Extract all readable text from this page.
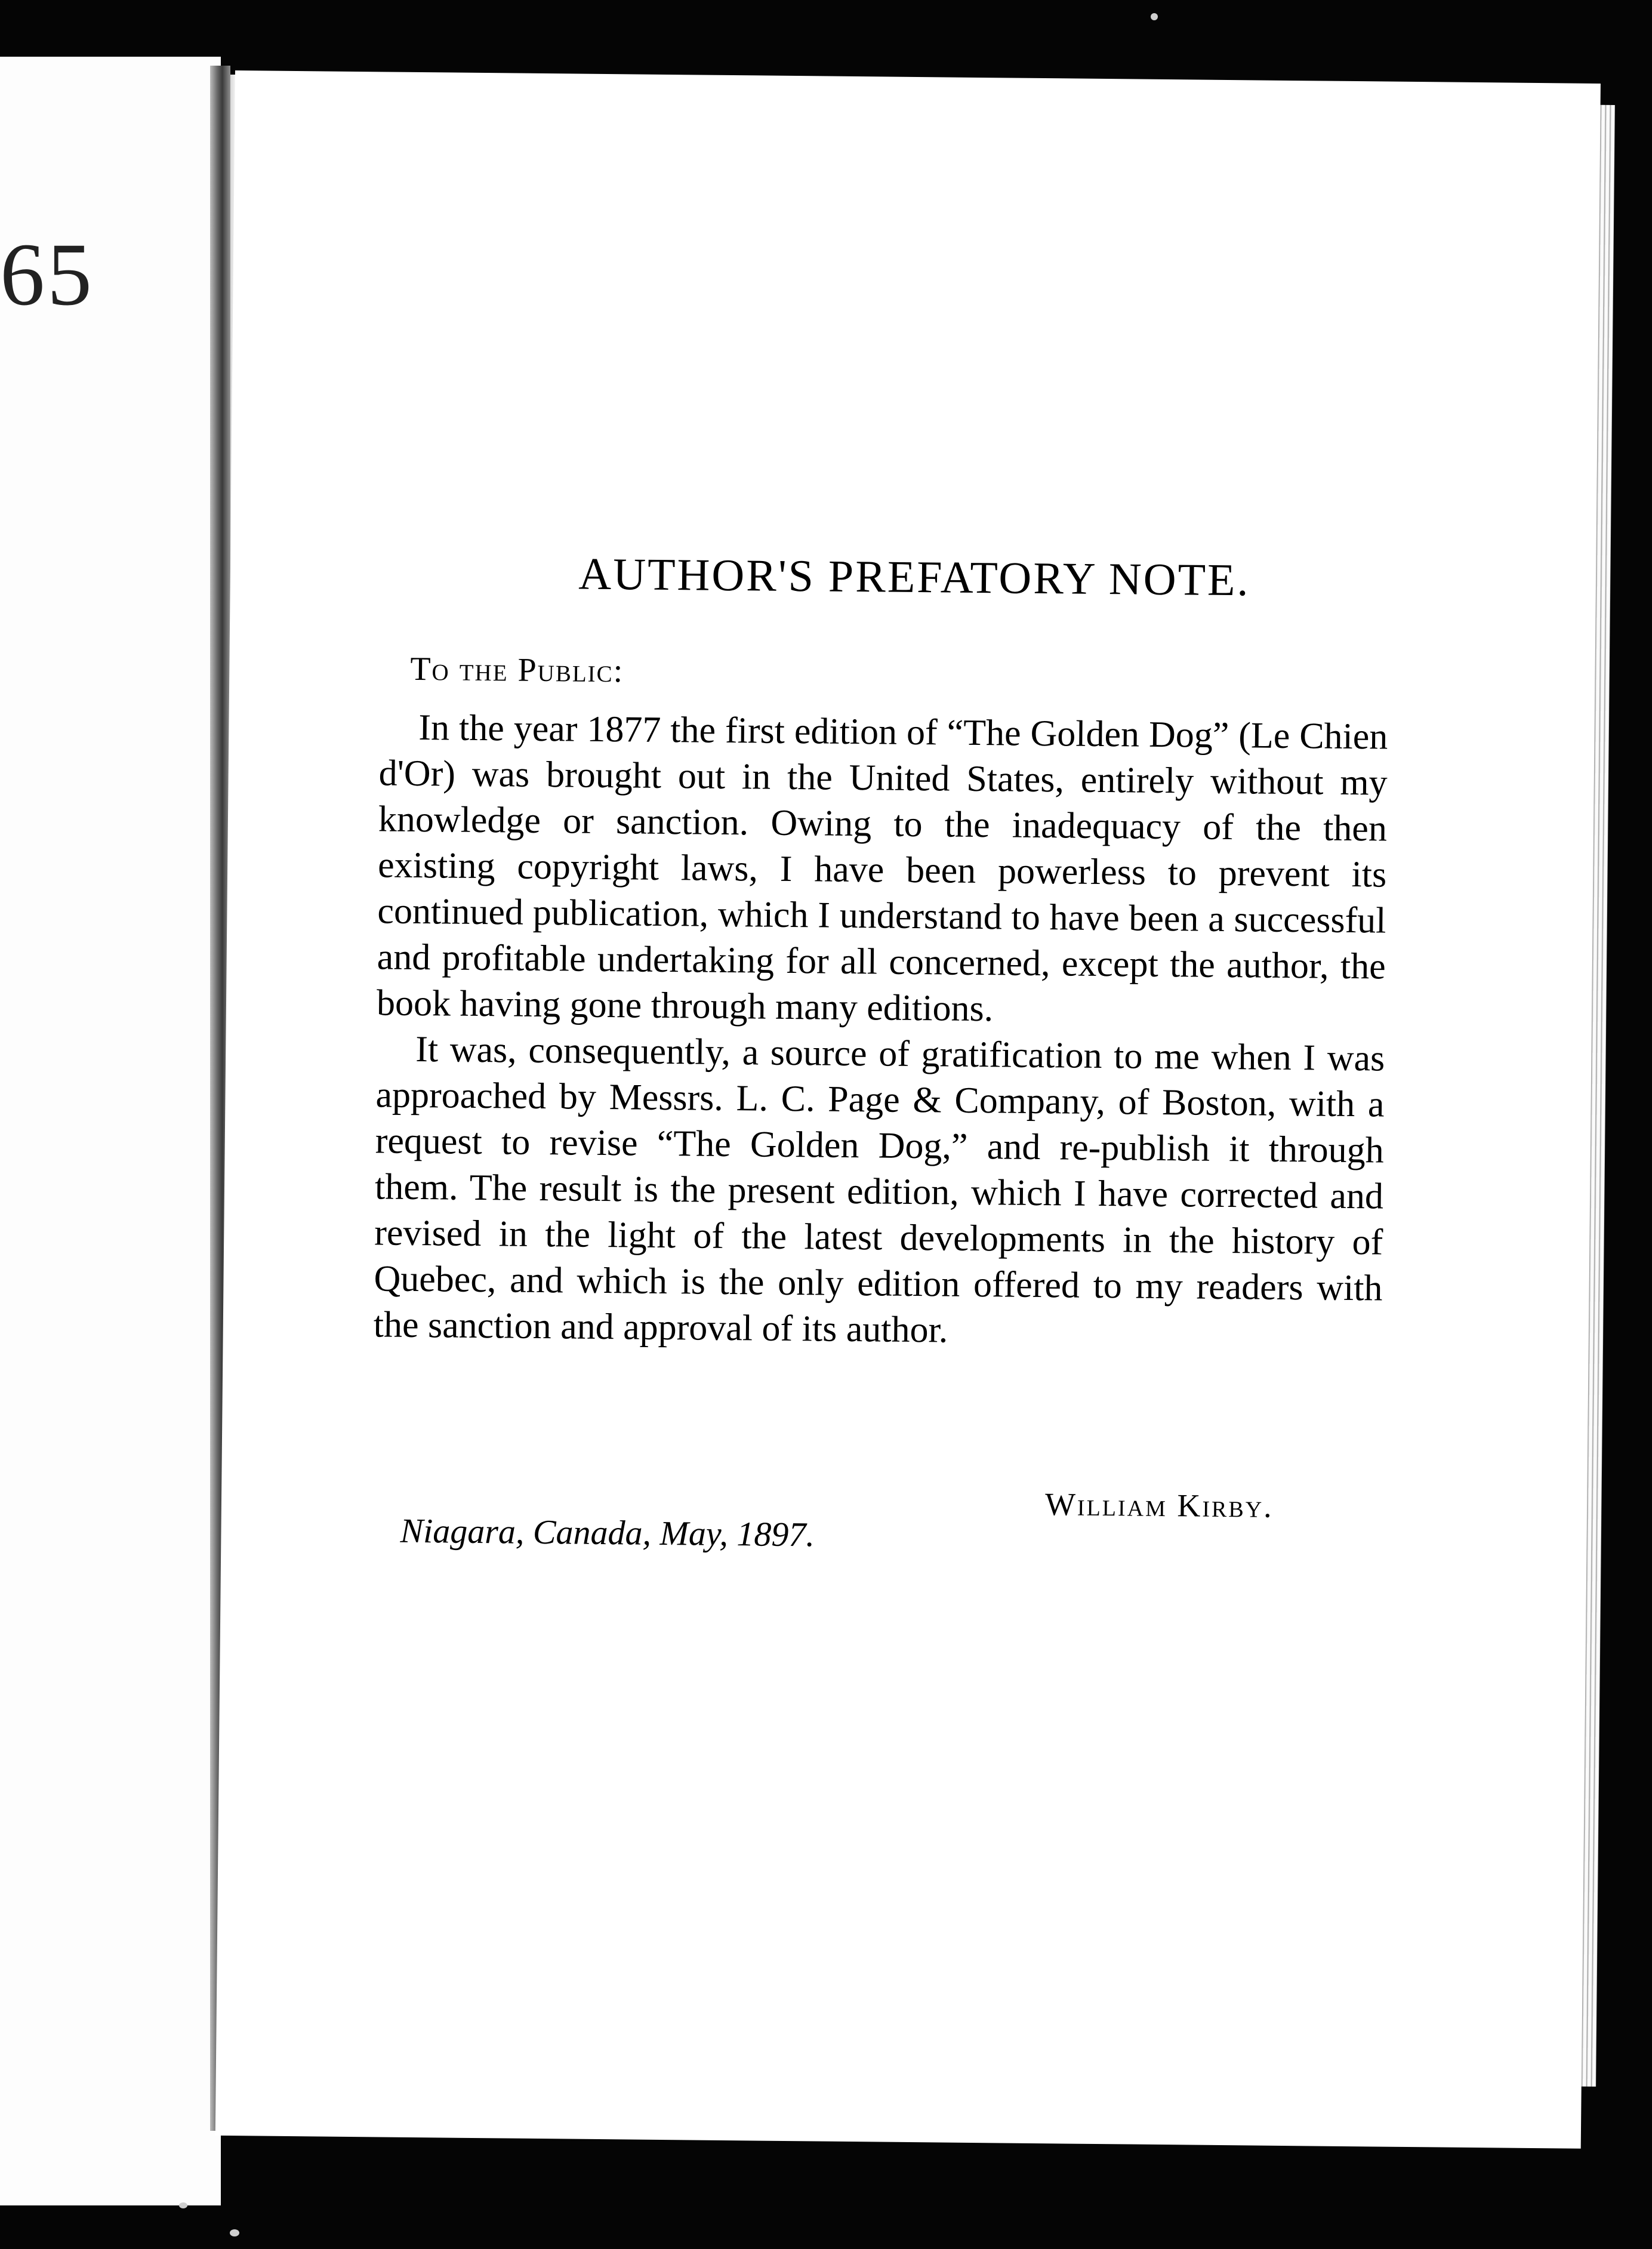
65
AUTHOR'S PREFATORY NOTE.
To the Public:

In the year 1877 the first edition of “The Golden Dog” (Le Chien d'Or) was brought out in the United States, entirely without my knowledge or sanction. Owing to the inadequacy of the then existing copyright laws, I have been powerless to prevent its continued publication, which I understand to have been a successful and profitable undertaking for all concerned, except the author, the book having gone through many editions.

It was, consequently, a source of gratification to me when I was approached by Messrs. L. C. Page & Company, of Boston, with a request to revise “The Golden Dog,” and re-publish it through them. The result is the present edition, which I have corrected and revised in the light of the latest developments in the history of Quebec, and which is the only edition offered to my readers with the sanction and approval of its author.

Niagara, Canada, May, 1897.
William Kirby.
